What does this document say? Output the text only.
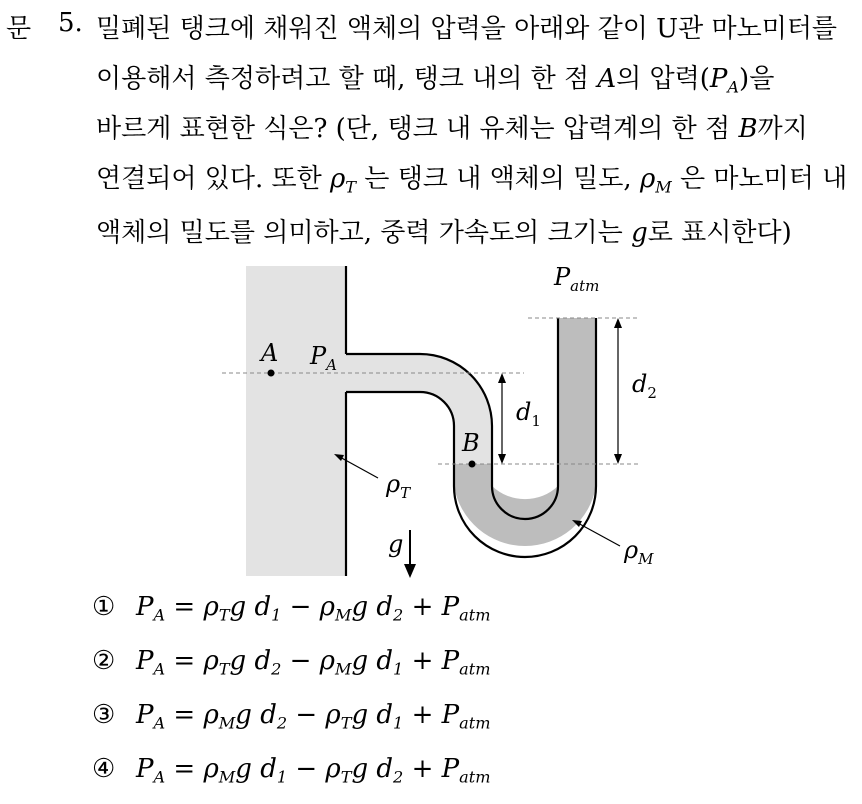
문 5. 밀폐된 탱크에 채워진 액체의 압력을 아래와 같이 U관 마노미터를
이용해서 측정하려고 할 때, 탱크 내의 한 점 A의 압력$(P_A)$을
바르게 표현한 식은? (단, 탱크 내 유체는 압력계의 한 점 B까지
연결되어 있다. 또한 $\rho_T$ 는 탱크 내 액체의 밀도, $\rho_M$ 은 마노미터 내
액체의 밀도를 의미하고, 중력 가속도의 크기는 g로 표시한다)
A $P_A$
B
$d_1$
$d_2$
$P_{atm}$
$\rho_T$
$\rho_M$
g
① $P_A = \rho_Tg$ $d_1 - \rho_Mg$ $d_2 + P_{atm}$
② $P_A = \rho_Tg$ $d_2 - \rho_Mg$ $d_1 + P_{atm}$
③ $P_A = \rho_Mg$ $d_2 - \rho_Tg$ $d_1 + P_{atm}$
④ $P_A = \rho_Mg$ $d_1 - \rho_Tg$ $d_2 + P_{atm}$
